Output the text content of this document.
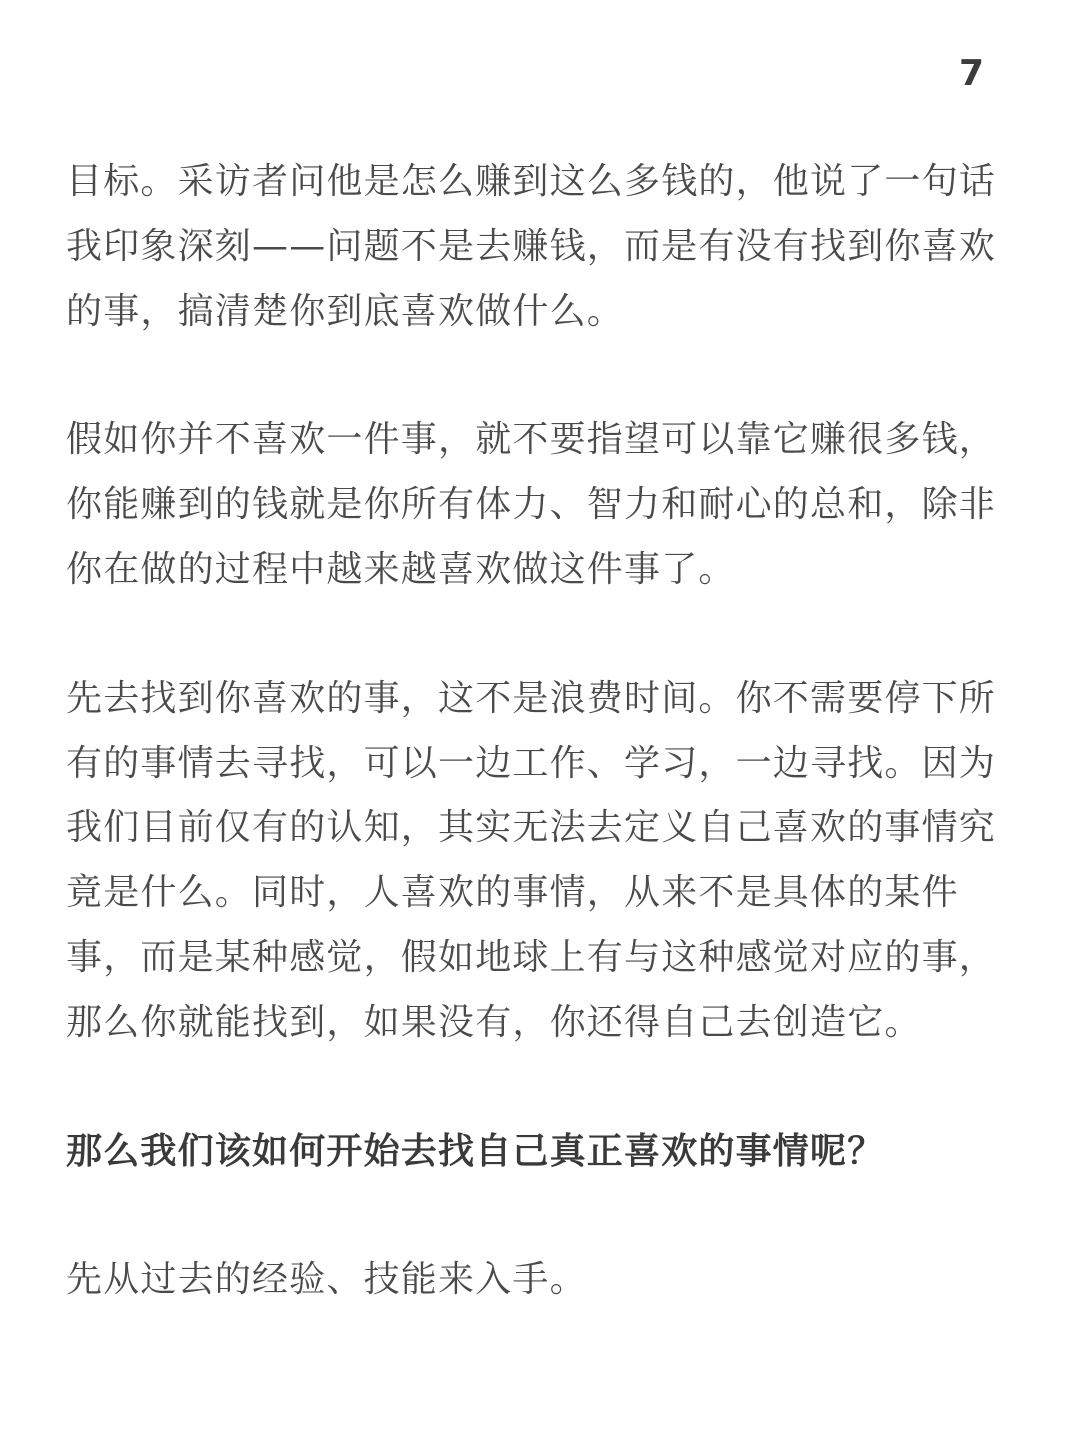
7

目标。采访者问他是怎么赚到这么多钱的，他说了一句话
我印象深刻——问题不是去赚钱，而是有没有找到你喜欢
的事，搞清楚你到底喜欢做什么。

假如你并不喜欢一件事，就不要指望可以靠它赚很多钱，
你能赚到的钱就是你所有体力、智力和耐心的总和，除非
你在做的过程中越来越喜欢做这件事了。

先去找到你喜欢的事，这不是浪费时间。你不需要停下所
有的事情去寻找，可以一边工作、学习，一边寻找。因为
我们目前仅有的认知，其实无法去定义自己喜欢的事情究
竟是什么。同时，人喜欢的事情，从来不是具体的某件
事，而是某种感觉，假如地球上有与这种感觉对应的事，
那么你就能找到，如果没有，你还得自己去创造它。

那么我们该如何开始去找自己真正喜欢的事情呢？

先从过去的经验、技能来入手。
